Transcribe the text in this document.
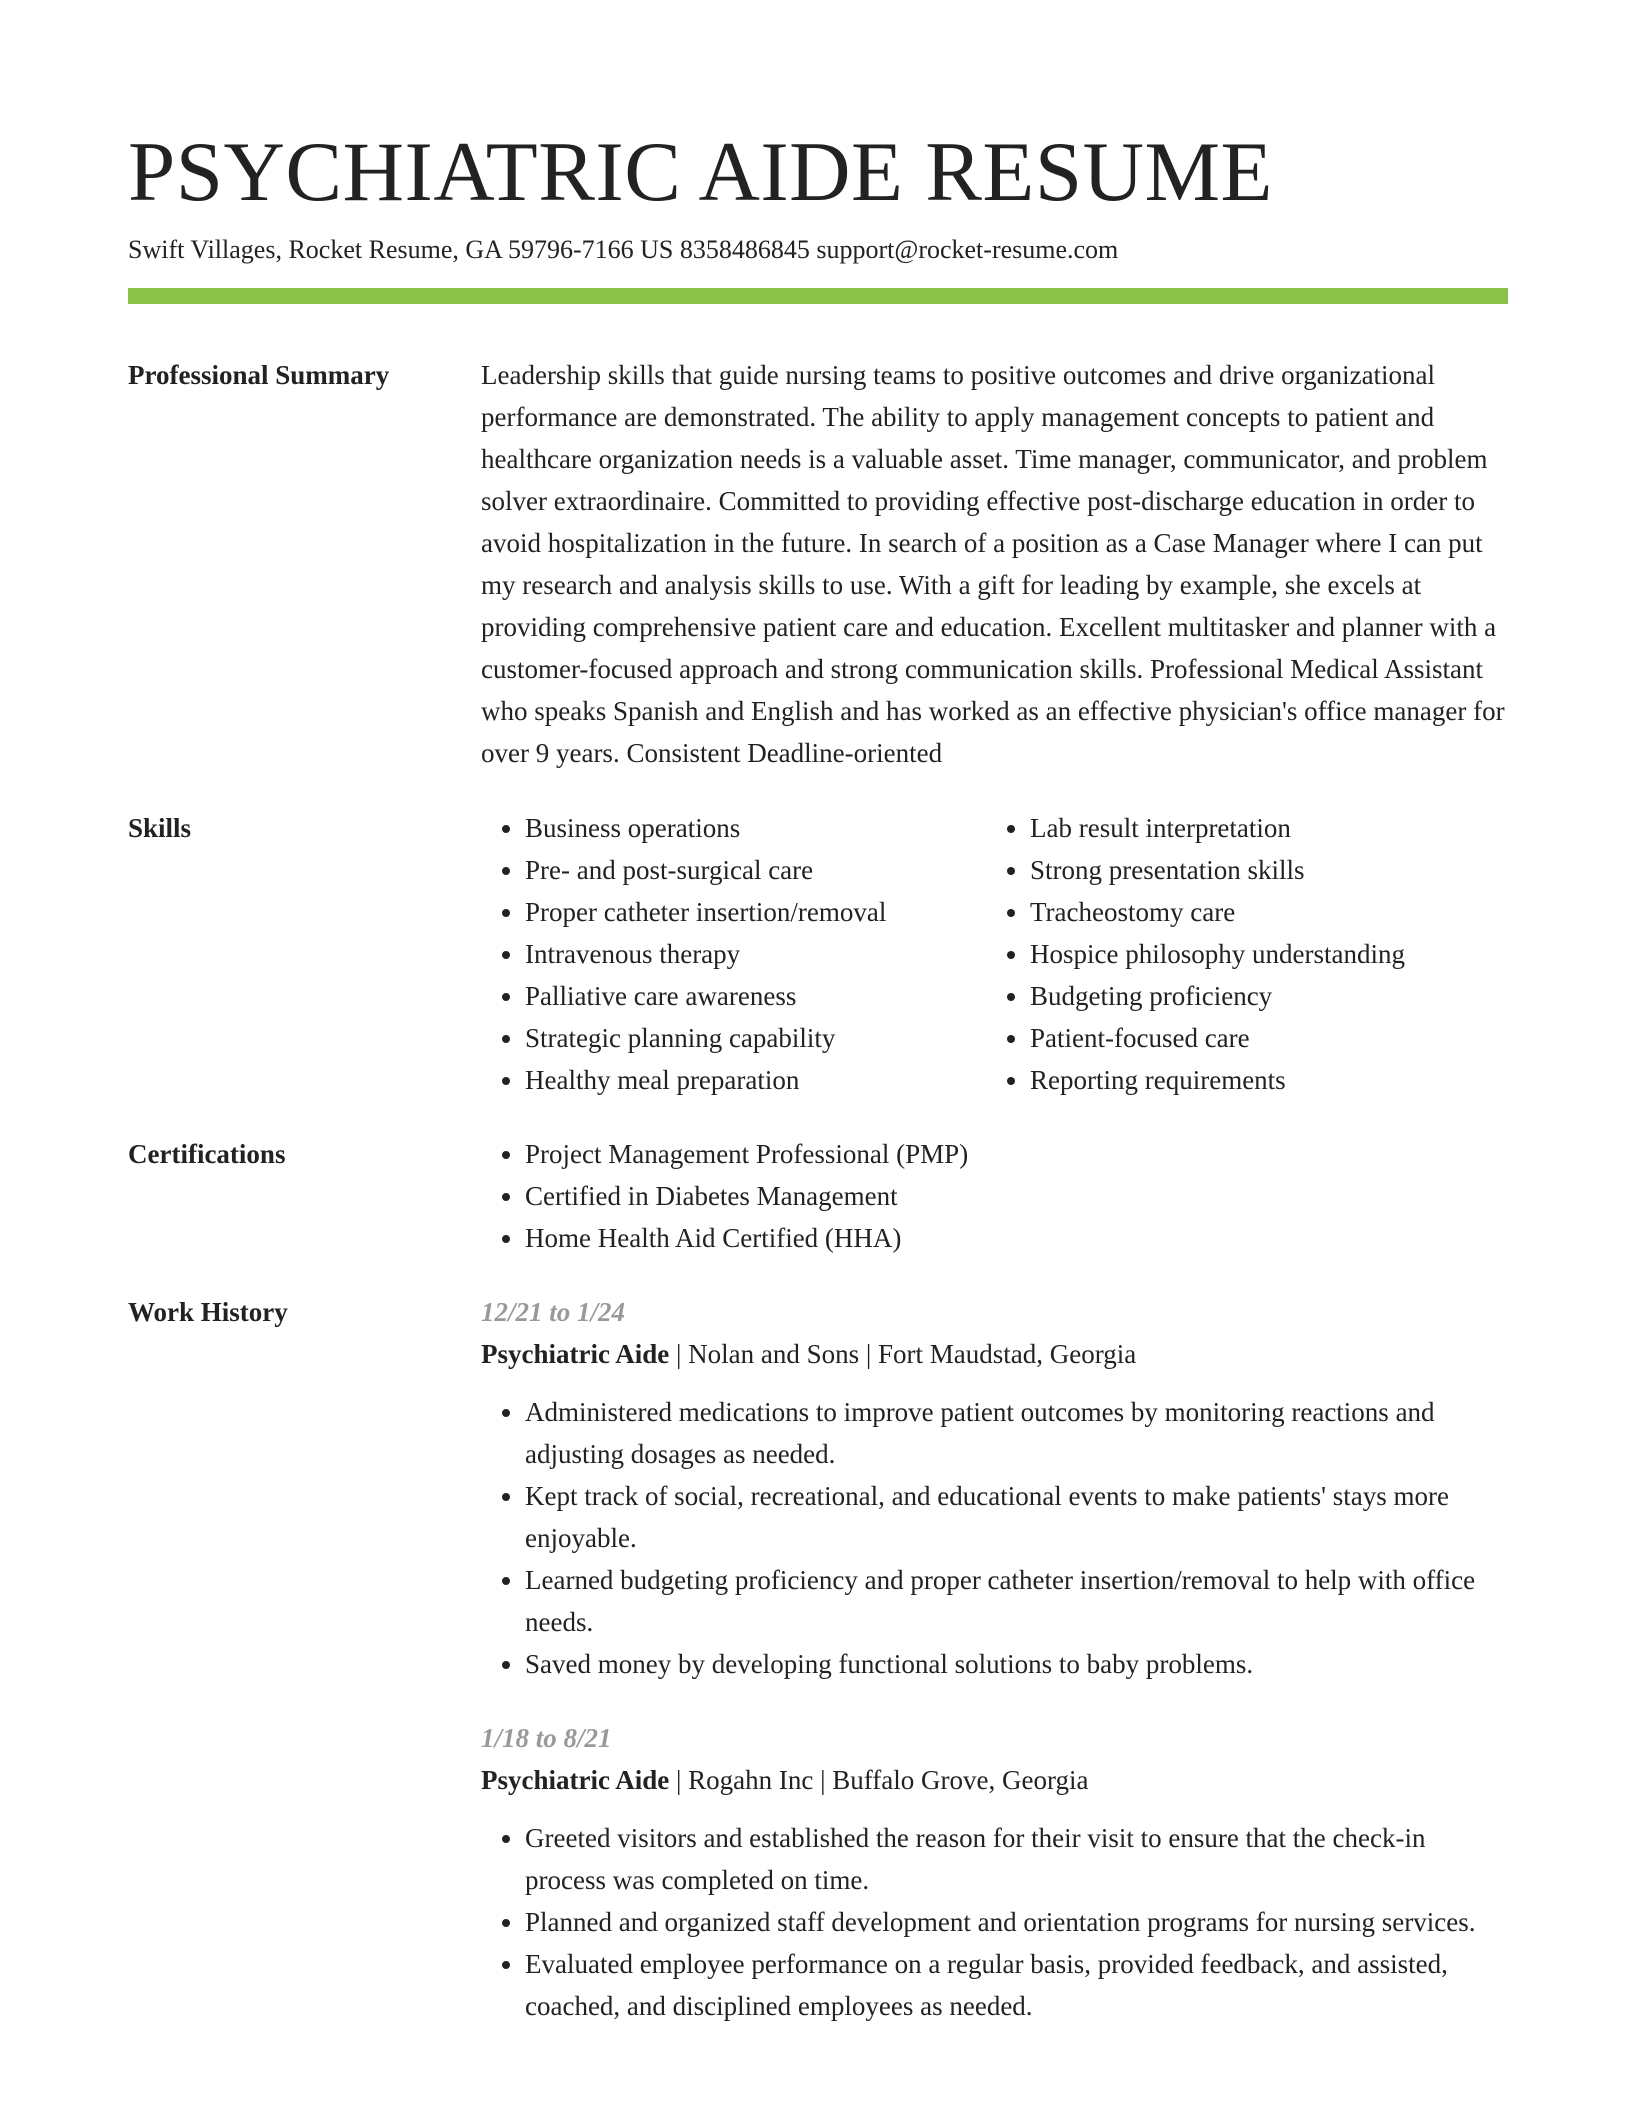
PSYCHIATRIC AIDE RESUME
Swift Villages, Rocket Resume, GA 59796-7166 US 8358486845 support@rocket-resume.com
Professional Summary	Leadership skills that guide nursing teams to positive outcomes and drive organizational performance are demonstrated. The ability to apply management concepts to patient and healthcare organization needs is a valuable asset. Time manager, communicator, and problem solver extraordinaire. Committed to providing effective post-discharge education in order to avoid hospitalization in the future. In search of a position as a Case Manager where I can put my research and analysis skills to use. With a gift for leading by example, she excels at providing comprehensive patient care and education. Excellent multitasker and planner with a customer-focused approach and strong communication skills. Professional Medical Assistant who speaks Spanish and English and has worked as an effective physician's office manager for over 9 years. Consistent Deadline-oriented
Skills	• Business operations
• Pre- and post-surgical care
• Proper catheter insertion/removal
• Intravenous therapy
• Palliative care awareness
• Strategic planning capability
• Healthy meal preparation
• Lab result interpretation
• Strong presentation skills
• Tracheostomy care
• Hospice philosophy understanding
• Budgeting proficiency
• Patient-focused care
• Reporting requirements
Certifications	• Project Management Professional (PMP)
• Certified in Diabetes Management
• Home Health Aid Certified (HHA)
Work History	12/21 to 1/24
Psychiatric Aide | Nolan and Sons | Fort Maudstad, Georgia
• Administered medications to improve patient outcomes by monitoring reactions and adjusting dosages as needed.
• Kept track of social, recreational, and educational events to make patients' stays more enjoyable.
• Learned budgeting proficiency and proper catheter insertion/removal to help with office needs.
• Saved money by developing functional solutions to baby problems.
1/18 to 8/21
Psychiatric Aide | Rogahn Inc | Buffalo Grove, Georgia
• Greeted visitors and established the reason for their visit to ensure that the check-in process was completed on time.
• Planned and organized staff development and orientation programs for nursing services.
• Evaluated employee performance on a regular basis, provided feedback, and assisted, coached, and disciplined employees as needed.
